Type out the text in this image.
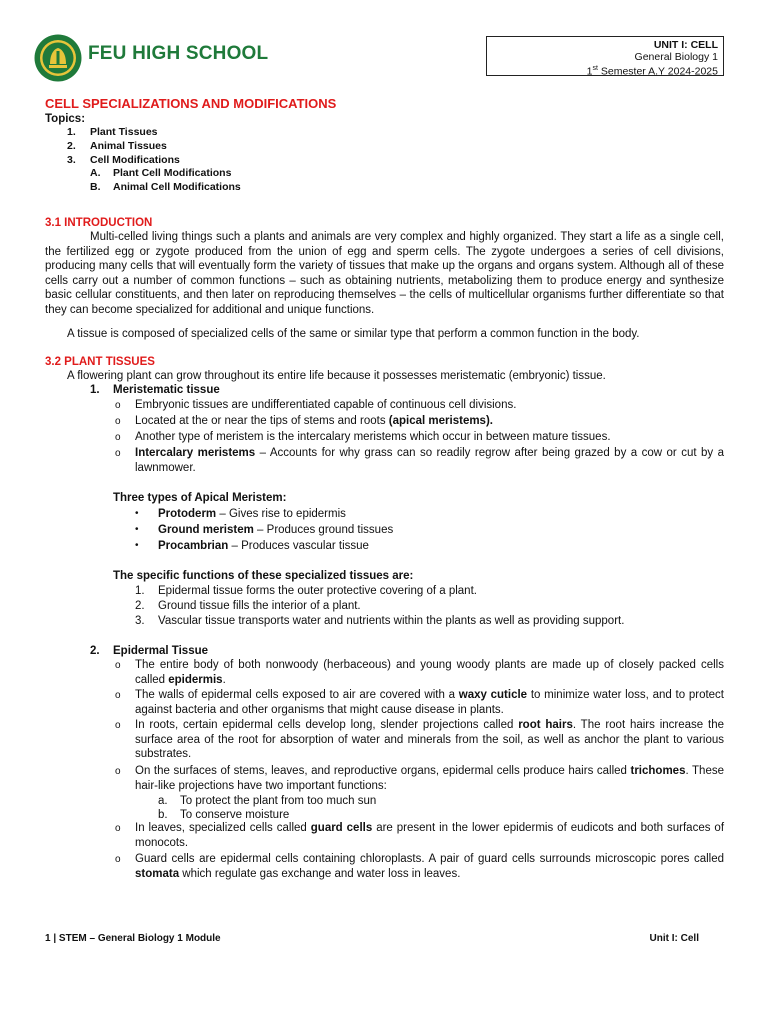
FEU HIGH SCHOOL	UNIT I: CELL
General Biology 1
1st Semester A.Y 2024-2025
CELL SPECIALIZATIONS AND MODIFICATIONS
Topics:
1. Plant Tissues
2. Animal Tissues
3. Cell Modifications
A. Plant Cell Modifications
B. Animal Cell Modifications
3.1 INTRODUCTION

Multi-celled living things such a plants and animals are very complex and highly organized. They start a life as a single cell, the fertilized egg or zygote produced from the union of egg and sperm cells. The zygote undergoes a series of cell divisions, producing many cells that will eventually form the variety of tissues that make up the organs and organs system. Although all of these cells carry out a number of common functions – such as obtaining nutrients, metabolizing them to produce energy and synthesize basic cellular constituents, and then later on reproducing themselves – the cells of multicellular organisms further differentiate so that they can become specialized for additional and unique functions.

A tissue is composed of specialized cells of the same or similar type that perform a common function in the body.

3.2 PLANT TISSUES
A flowering plant can grow throughout its entire life because it possesses meristematic (embryonic) tissue.
1. Meristematic tissue
o Embryonic tissues are undifferentiated capable of continuous cell divisions.
o Located at the or near the tips of stems and roots (apical meristems).
o Another type of meristem is the intercalary meristems which occur in between mature tissues.
o Intercalary meristems – Accounts for why grass can so readily regrow after being grazed by a cow or cut by a lawnmower.
Three types of Apical Meristem:
• Protoderm – Gives rise to epidermis
• Ground meristem – Produces ground tissues
• Procambrian – Produces vascular tissue
The specific functions of these specialized tissues are:
1. Epidermal tissue forms the outer protective covering of a plant.
2. Ground tissue fills the interior of a plant.
3. Vascular tissue transports water and nutrients within the plants as well as providing support.
2. Epidermal Tissue
o The entire body of both nonwoody (herbaceous) and young woody plants are made up of closely packed cells called epidermis.
o The walls of epidermal cells exposed to air are covered with a waxy cuticle to minimize water loss, and to protect against bacteria and other organisms that might cause disease in plants.
o In roots, certain epidermal cells develop long, slender projections called root hairs. The root hairs increase the surface area of the root for absorption of water and minerals from the soil, as well as anchor the plant to various substrates.
o On the surfaces of stems, leaves, and reproductive organs, epidermal cells produce hairs called trichomes. These hair-like projections have two important functions:
a. To protect the plant from too much sun
b. To conserve moisture
o In leaves, specialized cells called guard cells are present in the lower epidermis of eudicots and both surfaces of monocots.
o Guard cells are epidermal cells containing chloroplasts. A pair of guard cells surrounds microscopic pores called stomata which regulate gas exchange and water loss in leaves.
1 | STEM – General Biology 1 Module	Unit I: Cell
